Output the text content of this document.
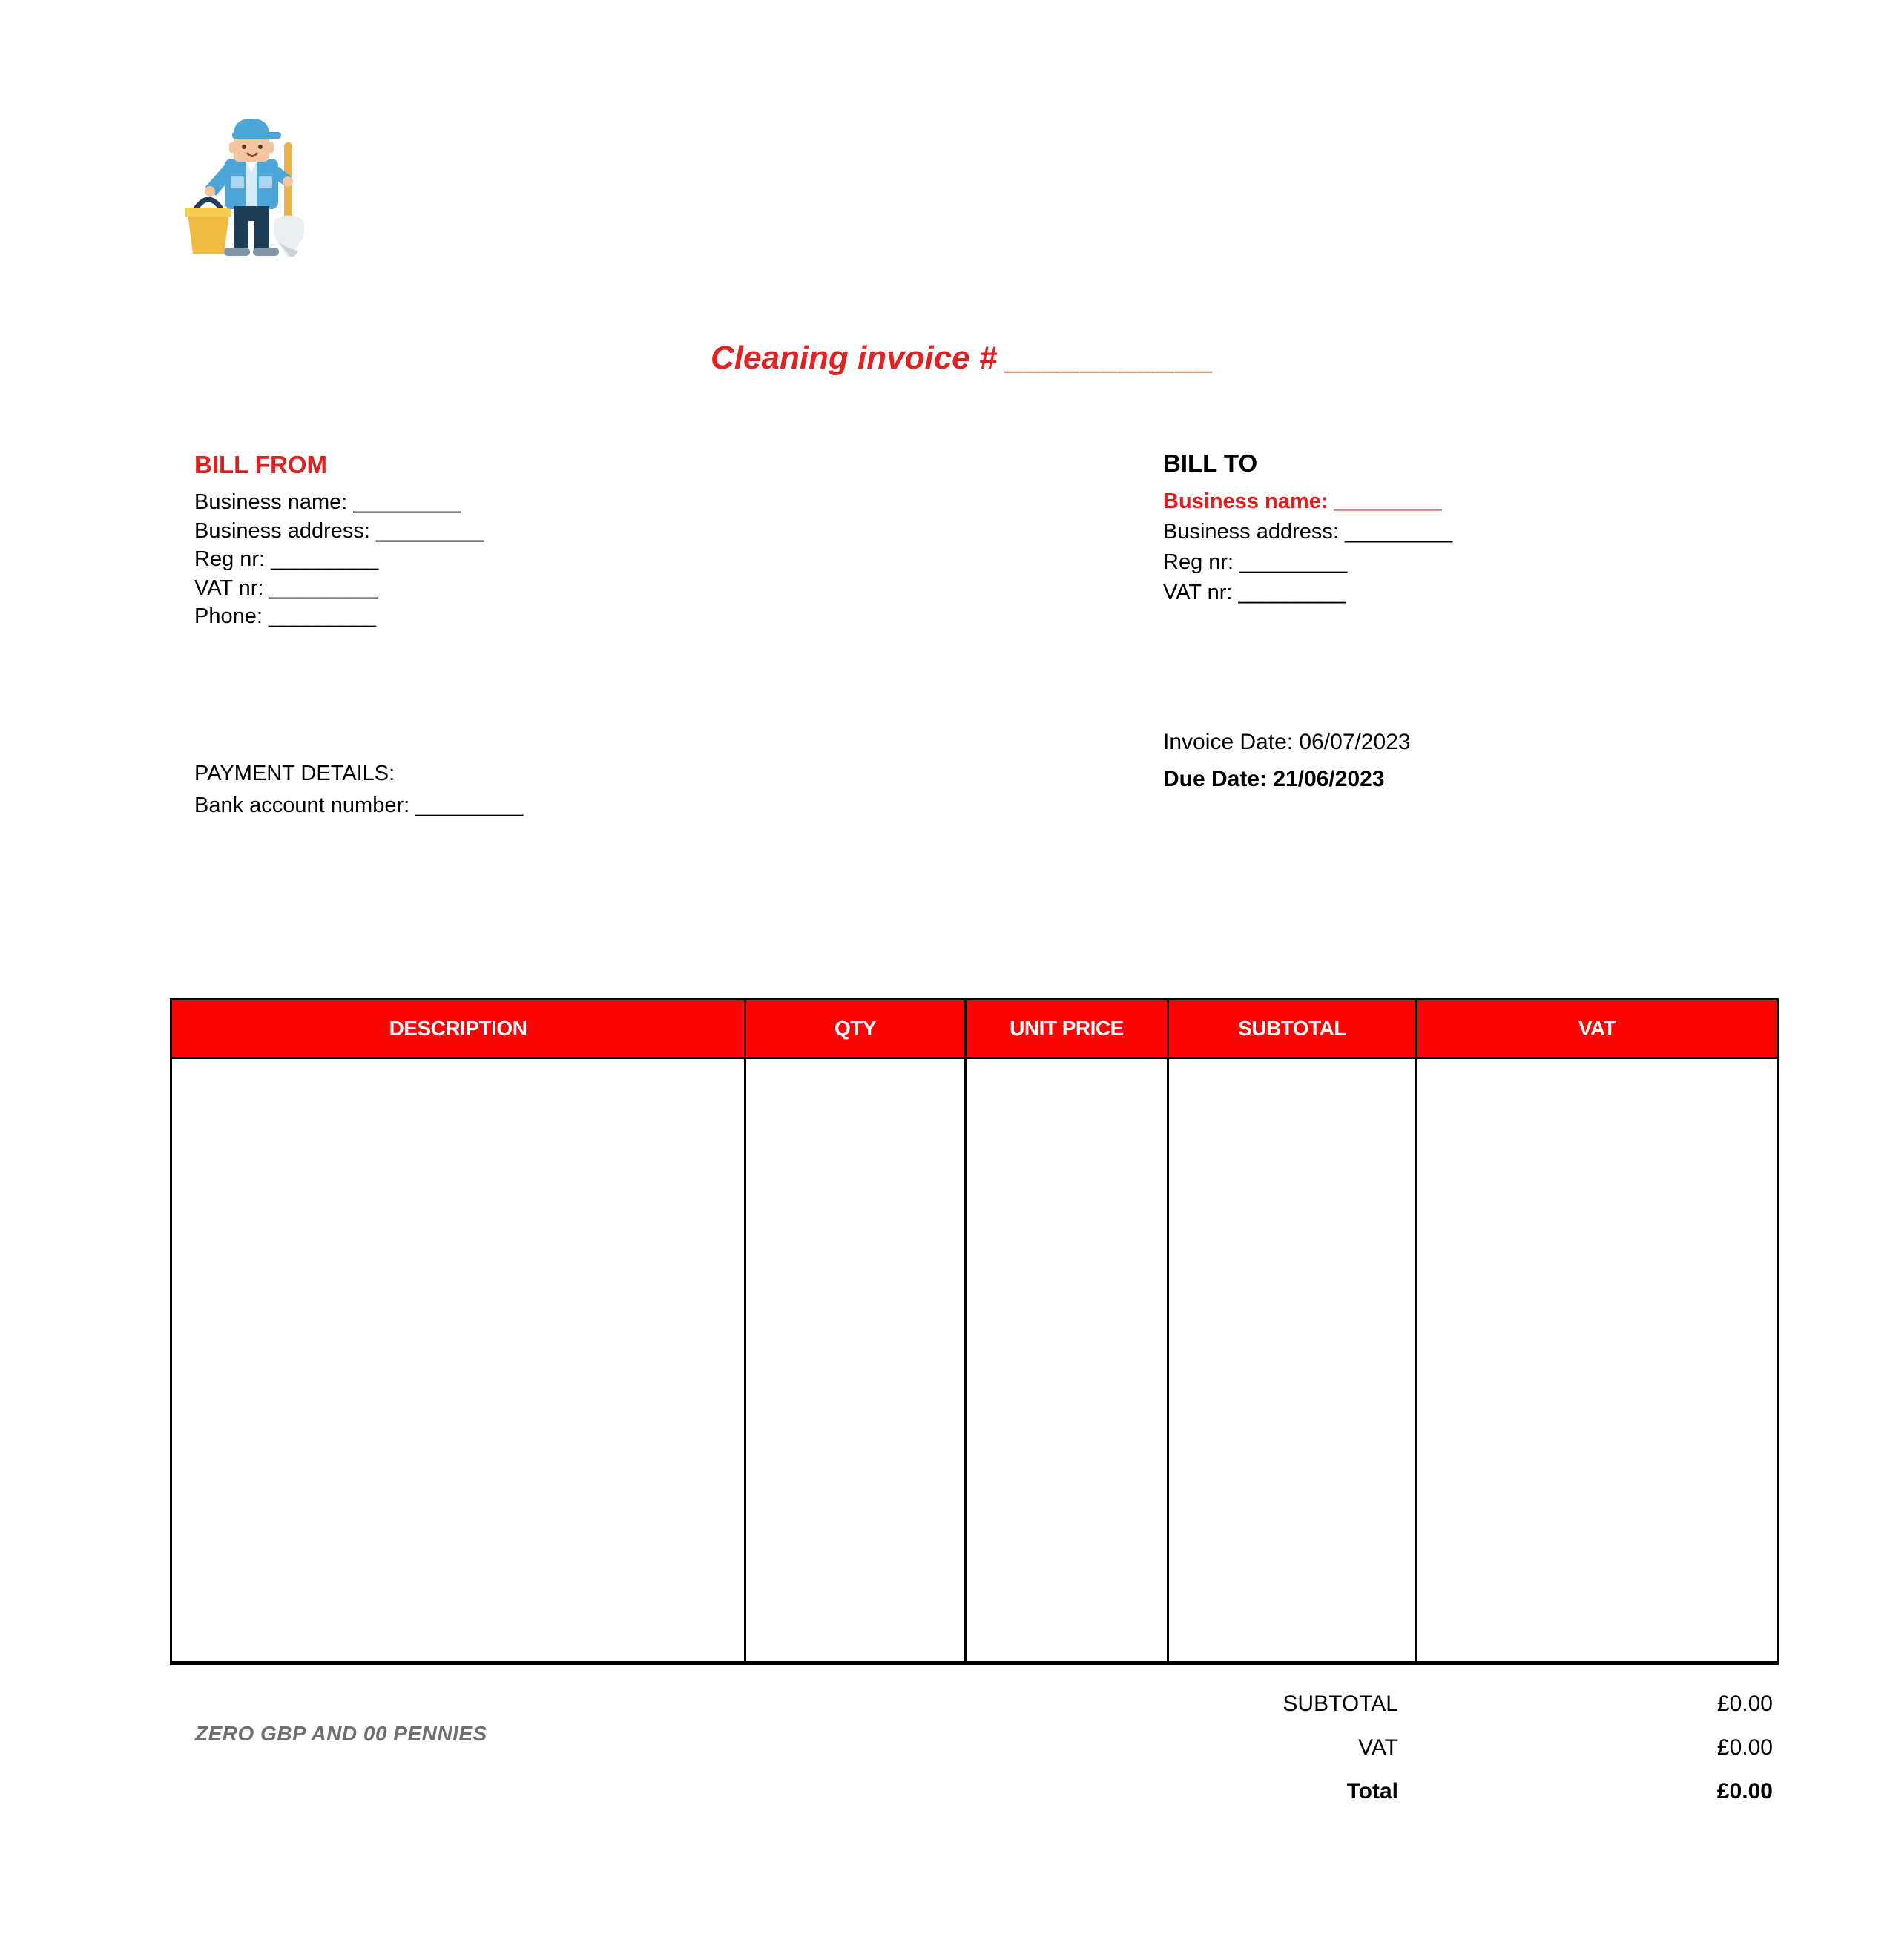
Cleaning invoice # ___________
BILL FROM
Business name: _________
Business address: _________
Reg nr: _________
VAT nr: _________
Phone: _________
BILL TO
Business name: _________
Business address: _________
Reg nr: _________
VAT nr: _________
Invoice Date: 06/07/2023
Due Date: 21/06/2023
PAYMENT DETAILS:
Bank account number: _________
DESCRIPTION	QTY	UNIT PRICE	SUBTOTAL	VAT
SUBTOTAL	£0.00
VAT	£0.00
Total	£0.00
ZERO GBP AND 00 PENNIES
